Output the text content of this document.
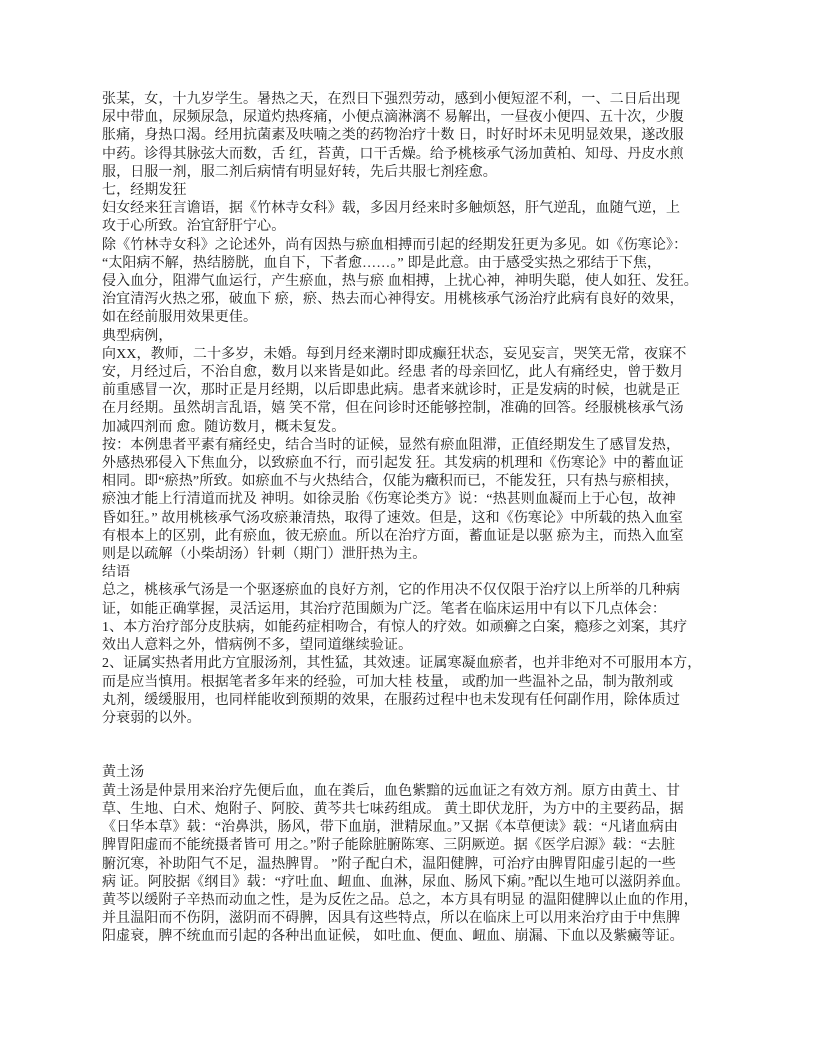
张某，女，十九岁学生。暑热之天，在烈日下强烈劳动，感到小便短涩不利，一、二日后出现
尿中带血，尿频尿急，尿道灼热疼痛，小便点滴淋漓不 易解出，一昼夜小便四、五十次，少腹
胀痛，身热口渴。经用抗菌素及呋喃之类的药物治疗十数 日，时好时坏未见明显效果，遂改服
中药。诊得其脉弦大而数，舌 红，苔黄，口干舌燥。给予桃核承气汤加黄柏、知母、丹皮水煎
服，日服一剂，服二剂后病情有明显好转，先后共服七剂痊愈。
七，经期发狂
妇女经来狂言谵语，据《竹林寺女科》载，多因月经来时多触烦怒，肝气逆乱，血随气逆，上
攻于心所致。治宜舒肝宁心。
除《竹林寺女科》之论述外，尚有因热与瘀血相搏而引起的经期发狂更为多见。如《伤寒论》：
“太阳病不解，热结膀胱，血自下，下者愈……。” 即是此意。由于感受实热之邪结于下焦，
侵入血分，阻滞气血运行，产生瘀血，热与瘀 血相搏，上扰心神，神明失聪，使人如狂、发狂。
治宜清泻火热之邪，破血下 瘀，瘀、热去而心神得安。用桃核承气汤治疗此病有良好的效果，
如在经前服用效果更佳。
典型病例，
向XX，教师，二十多岁，未婚。每到月经来潮时即成癫狂状态，妄见妄言，哭笑无常，夜寐不
安，月经过后，不治自愈，数月以来皆是如此。经患 者的母亲回忆，此人有痛经史，曾于数月
前重感冒一次，那时正是月经期，以后即患此病。患者来就诊时，正是发病的时候，也就是正
在月经期。虽然胡言乱语，嬉 笑不常，但在问诊时还能够控制，准确的回答。经服桃核承气汤
加减四剂而 愈。随访数月，概未复发。
按：本例患者平素有痛经史，结合当时的证候，显然有瘀血阻滞，正值经期发生了感冒发热，
外感热邪侵入下焦血分，以致瘀血不行，而引起发 狂。其发病的机理和《伤寒论》中的蓄血证
相同。即“瘀热”所致。如瘀血不与火热结合，仅能为癥积而已，不能发狂，只有热与瘀相挟，
瘀浊才能上行清道而扰及 神明。如徐灵胎《伤寒论类方》说：“热甚则血凝而上于心包，故神
昏如狂。” 故用桃核承气汤攻瘀兼清热，取得了速效。但是，这和《伤寒论》中所载的热入血室
有根本上的区别，此有瘀血，彼无瘀血。所以在治疗方面，蓄血证是以驱 瘀为主，而热入血室
则是以疏解（小柴胡汤）针刺（期门）泄肝热为主。
结语
总之，桃核承气汤是一个驱逐瘀血的良好方剂，它的作用决不仅仅限于治疗以上所举的几种病
证，如能正确掌握，灵活运用，其治疗范围颇为广泛。笔者在临床运用中有以下几点体会：
1、本方治疗部分皮肤病，如能药症相吻合，有惊人的疗效。如顽癣之白案，瘾疹之刘案，其疗
效出人意料之外，惜病例不多，望同道继续验证。
2、证属实热者用此方宜服汤剂，其性猛，其效速。证属寒凝血瘀者，也并非绝对不可服用本方，
而是应当慎用。根据笔者多年来的经验，可加大桂 枝量， 或酌加一些温补之品，制为散剂或
丸剂，缓缓服用，也同样能收到预期的效果，在服药过程中也未发现有任何副作用，除体质过
分衰弱的以外。
黄土汤
黄土汤是仲景用来治疗先便后血，血在粪后，血色紫黯的远血证之有效方剂。原方由黄土、甘
草、生地、白术、炮附子、阿胶、黄芩共七味药组成。 黄土即伏龙肝，为方中的主要药品，据
《日华本草》载：“治鼻洪，肠风，带下血崩，泄精尿血。”又据《本草便读》载：“凡诸血病由
脾胃阳虚而不能统摄者皆可 用之。”附子能除脏腑陈寒、三阴厥逆。据《医学启源》载：“去脏
腑沉寒，补助阳气不足，温热脾胃。 ”附子配白术，温阳健脾，可治疗由脾胃阳虚引起的一些
病 证。阿胶据《纲目》载：“疗吐血、衄血、血淋，尿血、肠风下痢。”配以生地可以滋阴养血。
黄芩以缓附子辛热而动血之性，是为反佐之品。总之，本方具有明显 的温阳健脾以止血的作用，
并且温阳而不伤阴，滋阴而不碍脾，因具有这些特点，所以在临床上可以用来治疗由于中焦脾
阳虚衰，脾不统血而引起的各种出血证候， 如吐血、便血、衄血、崩漏、下血以及紫癜等证。
